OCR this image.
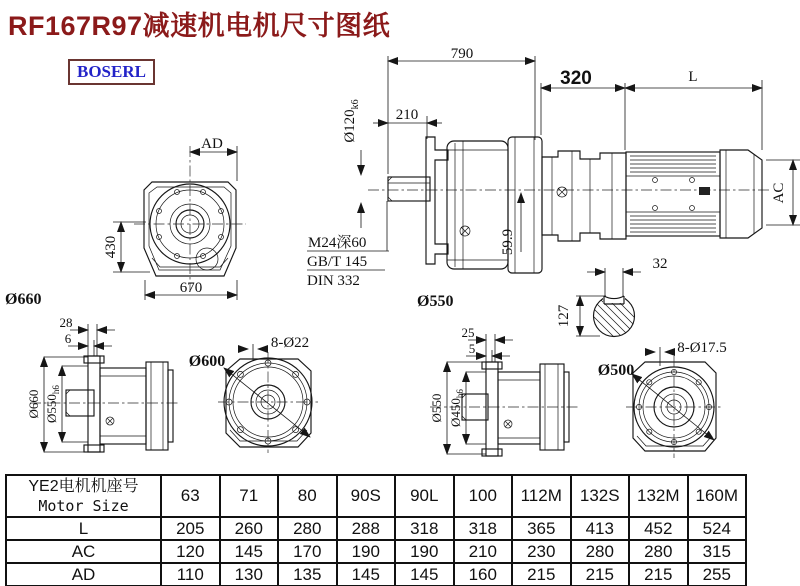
RF167R97减速机电机尺寸图纸
BOSERL
AD
430
670
Ø660
790
320	L
210
$Ø120_{k6}$
M24深60
GB/T 145
DIN 332
59.9
AC
Ø550
32
127
28
6
Ø660 $Ø550_{h6}$
Ø600
8-Ø22
25
5
Ø550 $Ø450_{h6}$
Ø500
8-Ø17.5
YE2电机机座号
Motor Size	63	71	80	90S	90L	100	112M	132S	132M	160M
L	205	260	280	288	318	318	365	413	452	524
AC	120	145	170	190	190	210	230	280	280	315
AD	110	130	135	145	145	160	215	215	215	255
